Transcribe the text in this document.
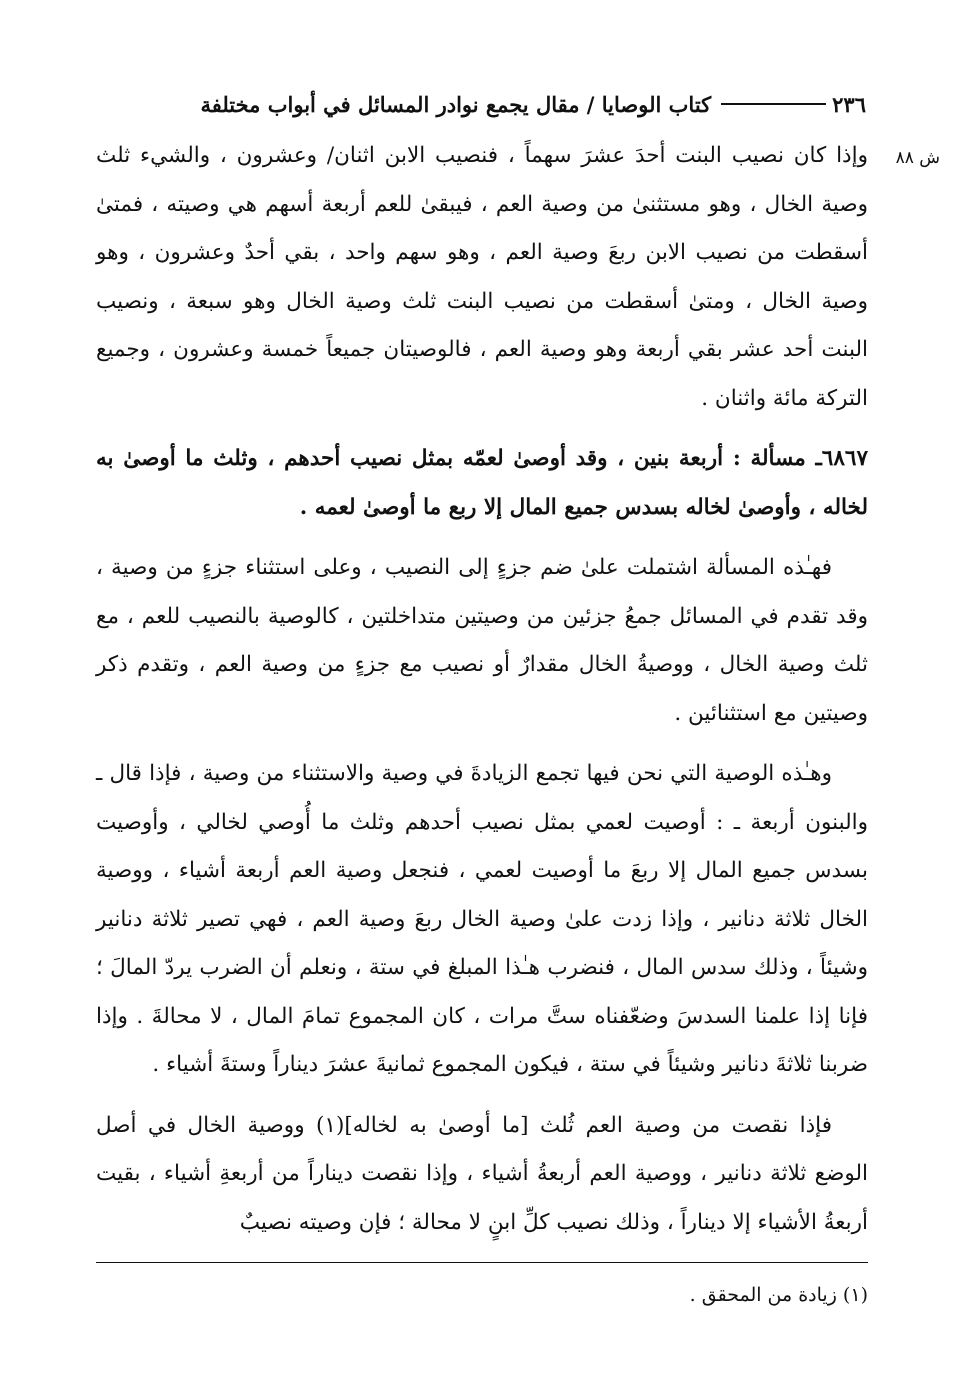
٢٣٦
كتاب الوصايا / مقال يجمع نوادر المسائل في أبواب مختلفة
ش ٨٨

وإذا كان نصيب البنت أحدَ عشرَ سهماً ، فنصيب الابن اثنان/ وعشرون ، والشيء ثلث وصية الخال ، وهو مستثنىٰ من وصية العم ، فيبقىٰ للعم أربعة أسهم هي وصيته ، فمتىٰ أسقطت من نصيب الابن ربعَ وصية العم ، وهو سهم واحد ، بقي أحدٌ وعشرون ، وهو وصية الخال ، ومتىٰ أسقطت من نصيب البنت ثلث وصية الخال وهو سبعة ، ونصيب البنت أحد عشر بقي أربعة وهو وصية العم ، فالوصيتان جميعاً خمسة وعشرون ، وجميع التركة مائة واثنان .

٦٨٦٧ـ مسألة : أربعة بنين ، وقد أوصىٰ لعمّه بمثل نصيب أحدهم ، وثلث ما أوصىٰ به لخاله ، وأوصىٰ لخاله بسدس جميع المال إلا ربع ما أوصىٰ لعمه .

فهـٰذه المسألة اشتملت علىٰ ضم جزءٍ إلى النصيب ، وعلى استثناء جزءٍ من وصية ، وقد تقدم في المسائل جمعُ جزئين من وصيتين متداخلتين ، كالوصية بالنصيب للعم ، مع ثلث وصية الخال ، ووصيةُ الخال مقدارٌ أو نصيب مع جزءٍ من وصية العم ، وتقدم ذكر وصيتين مع استثنائين .

وهـٰذه الوصية التي نحن فيها تجمع الزيادةَ في وصية والاستثناء من وصية ، فإذا قال ـ والبنون أربعة ـ : أوصيت لعمي بمثل نصيب أحدهم وثلث ما أُوصي لخالي ، وأوصيت بسدس جميع المال إلا ربعَ ما أوصيت لعمي ، فنجعل وصية العم أربعة أشياء ، ووصية الخال ثلاثة دنانير ، وإذا زدت علىٰ وصية الخال ربعَ وصية العم ، فهي تصير ثلاثة دنانير وشيئاً ، وذلك سدس المال ، فنضرب هـٰذا المبلغ في ستة ، ونعلم أن الضرب يردّ المالَ ؛ فإنا إذا علمنا السدسَ وضعّفناه ستَّ مرات ، كان المجموع تمامَ المال ، لا محالةَ . وإذا ضربنا ثلاثةَ دنانير وشيئاً في ستة ، فيكون المجموع ثمانيةَ عشرَ ديناراً وستةَ أشياء .

فإذا نقصت من وصية العم ثُلث [ما أوصىٰ به لخاله](١) ووصية الخال في أصل الوضع ثلاثة دنانير ، ووصية العم أربعةُ أشياء ، وإذا نقصت ديناراً من أربعةِ أشياء ، بقيت أربعةُ الأشياء إلا ديناراً ، وذلك نصيب كلِّ ابنٍ لا محالة ؛ فإن وصيته نصيبٌ

(١) زيادة من المحقق .
